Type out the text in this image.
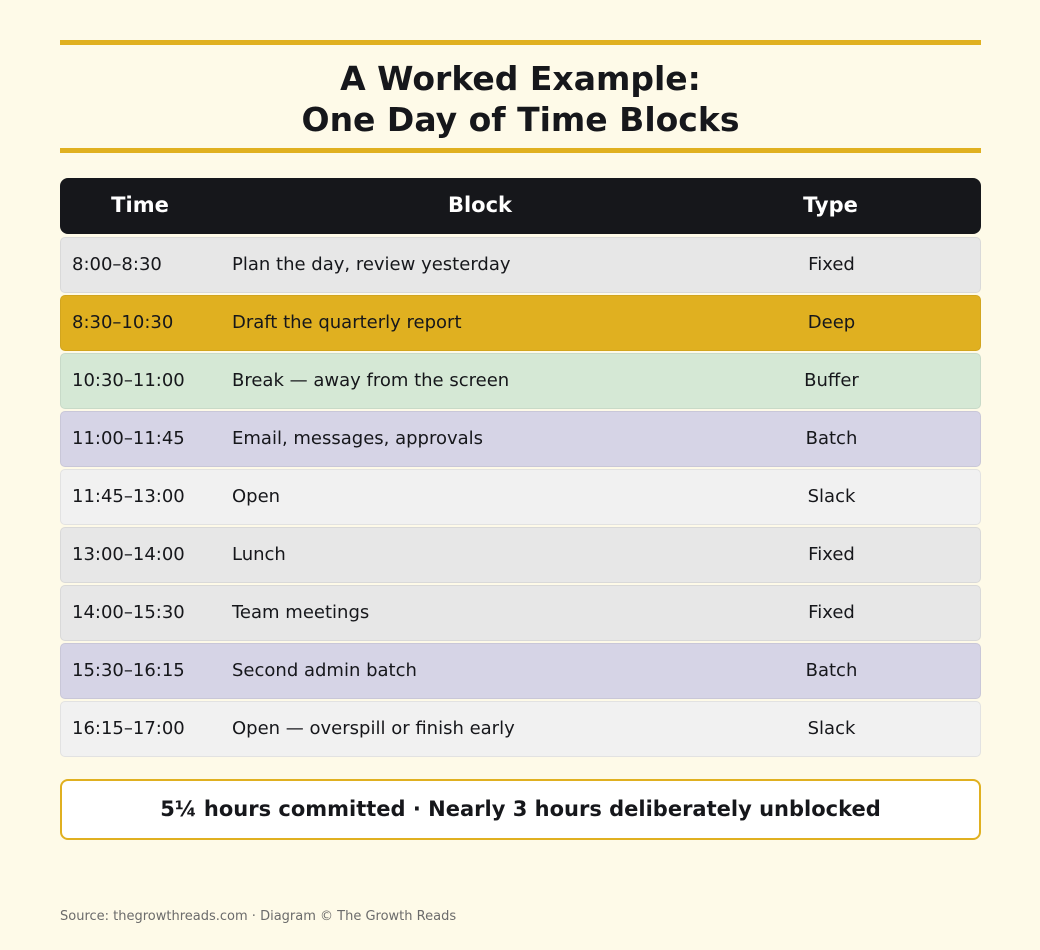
A Worked Example:
One Day of Time Blocks
Time	Block	Type
8:00–8:30	Plan the day, review yesterday	Fixed
8:30–10:30	Draft the quarterly report	Deep
10:30–11:00	Break — away from the screen	Buffer
11:00–11:45	Email, messages, approvals	Batch
11:45–13:00	Open	Slack
13:00–14:00	Lunch	Fixed
14:00–15:30	Team meetings	Fixed
15:30–16:15	Second admin batch	Batch
16:15–17:00	Open — overspill or finish early	Slack
5¼ hours committed · Nearly 3 hours deliberately unblocked
Source: thegrowthreads.com · Diagram © The Growth Reads
